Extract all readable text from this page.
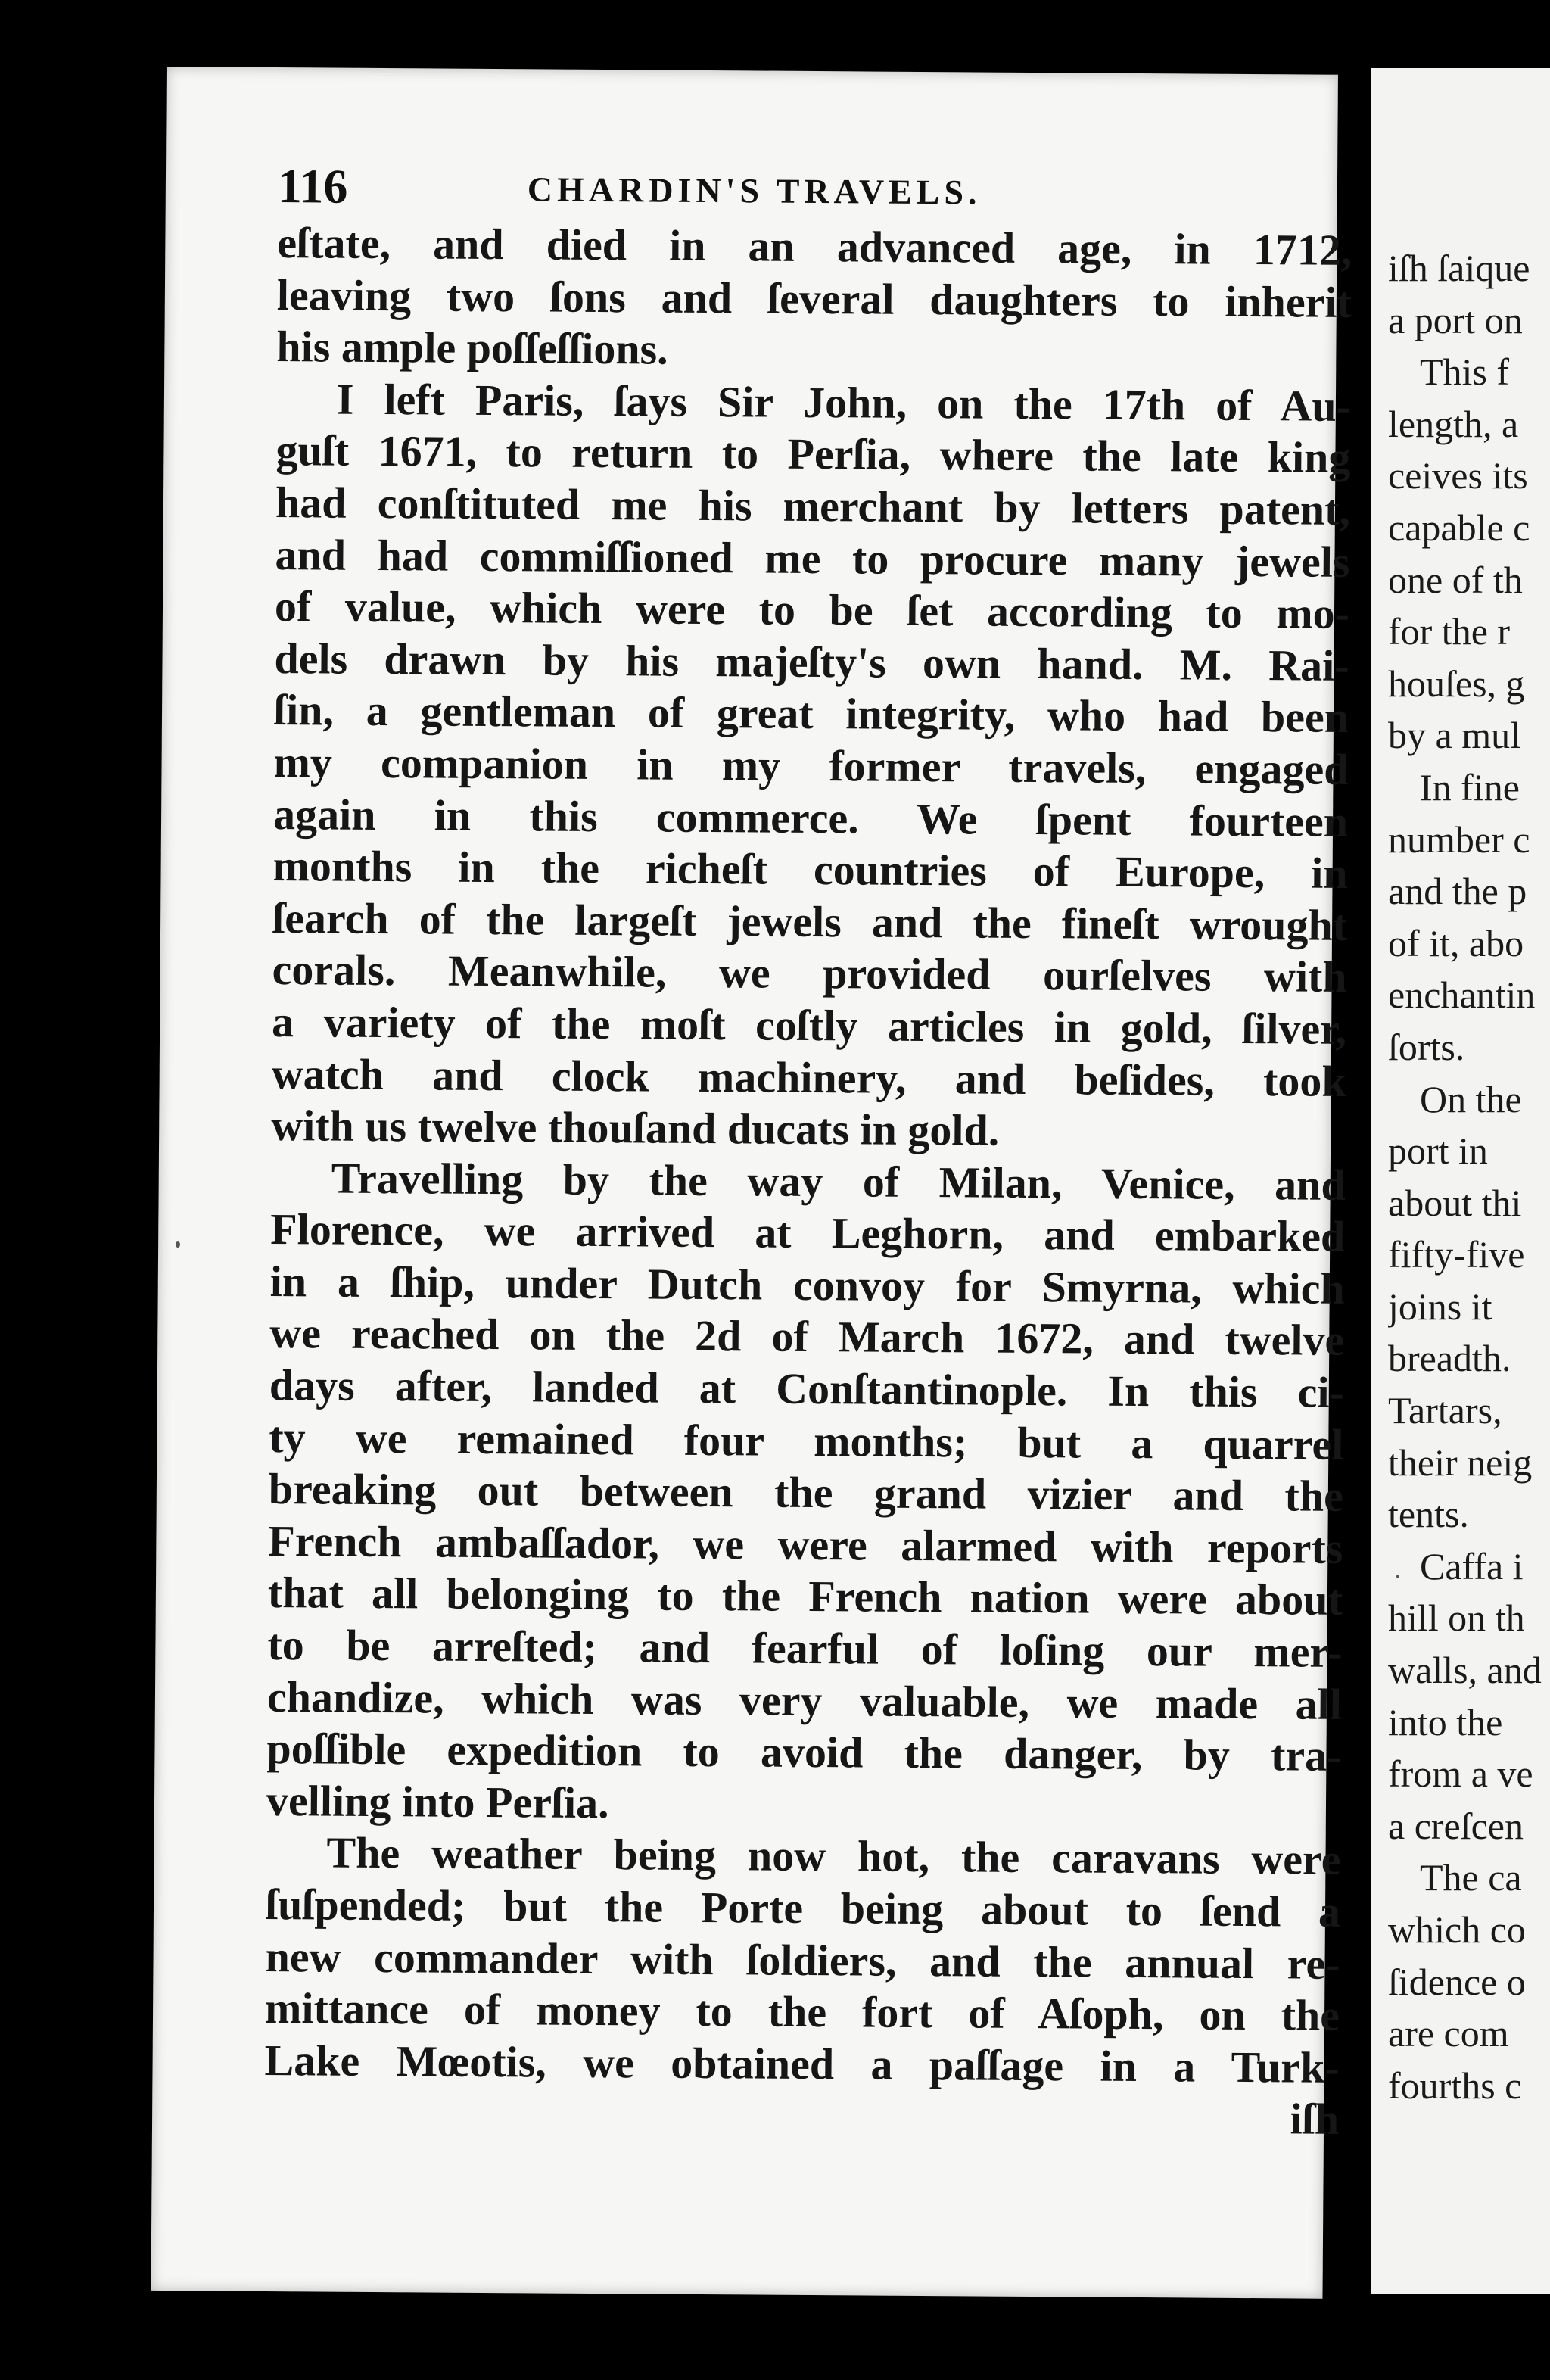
116	CHARDIN'S TRAVELS.
eſtate, and died in an advanced age, in 1712,
leaving two ſons and ſeveral daughters to inherit
his ample poſſeſſions.
I left Paris, ſays Sir John, on the 17th of Au-
guſt 1671, to return to Perſia, where the late king
had conſtituted me his merchant by letters patent,
and had commiſſioned me to procure many jewels
of value, which were to be ſet according to mo-
dels drawn by his majeſty's own hand. M. Rai-
ſin, a gentleman of great integrity, who had been
my companion in my former travels, engaged
again in this commerce. We ſpent fourteen
months in the richeſt countries of Europe, in
ſearch of the largeſt jewels and the fineſt wrought
corals. Meanwhile, we provided ourſelves with
a variety of the moſt coſtly articles in gold, ſilver,
watch and clock machinery, and beſides, took
with us twelve thouſand ducats in gold.
Travelling by the way of Milan, Venice, and
Florence, we arrived at Leghorn, and embarked
in a ſhip, under Dutch convoy for Smyrna, which
we reached on the 2d of March 1672, and twelve
days after, landed at Conſtantinople. In this ci-
ty we remained four months; but a quarrel
breaking out between the grand vizier and the
French ambaſſador, we were alarmed with reports
that all belonging to the French nation were about
to be arreſted; and fearful of loſing our mer-
chandize, which was very valuable, we made all
poſſible expedition to avoid the danger, by tra-
velling into Perſia.
The weather being now hot, the caravans were
ſuſpended; but the Porte being about to ſend a
new commander with ſoldiers, and the annual re-
mittance of money to the fort of Aſoph, on the
Lake Mœotis, we obtained a paſſage in a Turk-
iſh
iſh ſaique
a port on
This f
length, a
ceives its
capable c
one of th
for the r
houſes, g
by a mul
In fine
number c
and the p
of it, abo
enchantin
ſorts.
On the
port in
about thi
fifty-five
joins it
breadth.
Tartars,
their neig
tents.
Caffa i
hill on th
walls, and
into the
from a ve
a creſcen
The ca
which co
ſidence o
are com
fourths c
